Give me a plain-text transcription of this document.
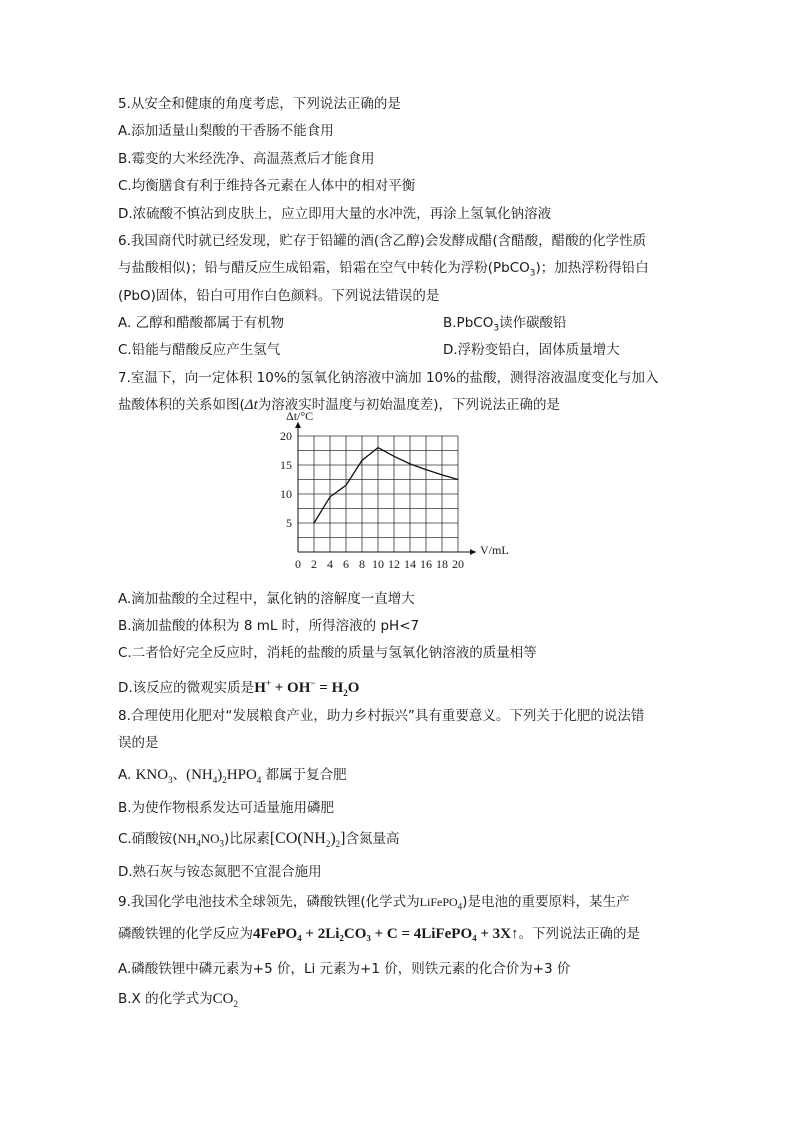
5.从安全和健康的角度考虑，下列说法正确的是
A.添加适量山梨酸的干香肠不能食用
B.霉变的大米经洗净、高温蒸煮后才能食用
C.均衡膳食有利于维持各元素在人体中的相对平衡
D.浓硫酸不慎沾到皮肤上，应立即用大量的水冲洗，再涂上氢氧化钠溶液
6.我国商代时就已经发现，贮存于铅罐的酒(含乙醇)会发酵成醋(含醋酸，醋酸的化学性质
与盐酸相似)；铅与醋反应生成铅霜，铅霜在空气中转化为浮粉(PbCO$_3$)；加热浮粉得铅白
(PbO)固体，铅白可用作白色颜料。下列说法错误的是
A. 乙醇和醋酸都属于有机物	B.PbCO$_3$读作碳酸铅
C.铅能与醋酸反应产生氢气	D.浮粉变铅白，固体质量增大
7.室温下，向一定体积 10%的氢氧化钠溶液中滴加 10%的盐酸，测得溶液温度变化与加入
盐酸体积的关系如图(Δt为溶液实时温度与初始温度差)，下列说法正确的是
0 2 4 6 8 10 12 14 16 18 20
5
10
15
20
Δt/°C
V/mL
A.滴加盐酸的全过程中，氯化钠的溶解度一直增大
B.滴加盐酸的体积为 8 mL 时，所得溶液的 pH<7
C.二者恰好完全反应时，消耗的盐酸的质量与氢氧化钠溶液的质量相等
D.该反应的微观实质是$H^+ + OH^- = H_2O$
8.合理使用化肥对“发展粮食产业，助力乡村振兴”具有重要意义。下列关于化肥的说法错
误的是
A. $KNO_3$、$(NH_4)_2HPO_4$ 都属于复合肥
B.为使作物根系发达可适量施用磷肥
C.硝酸铵$(NH_4NO_3)$比尿素$[CO(NH_2)_2]$含氮量高
D.熟石灰与铵态氮肥不宜混合施用
9.我国化学电池技术全球领先，磷酸铁锂(化学式为LiFePO$_4$)是电池的重要原料，某生产
磷酸铁锂的化学反应为4FePO₄ + 2Li₂CO₃ + C = 4LiFePO₄ + 3X↑。下列说法正确的是
A.磷酸铁锂中磷元素为+5 价，Li 元素为+1 价，则铁元素的化合价为+3 价
B.X 的化学式为$CO_2$
